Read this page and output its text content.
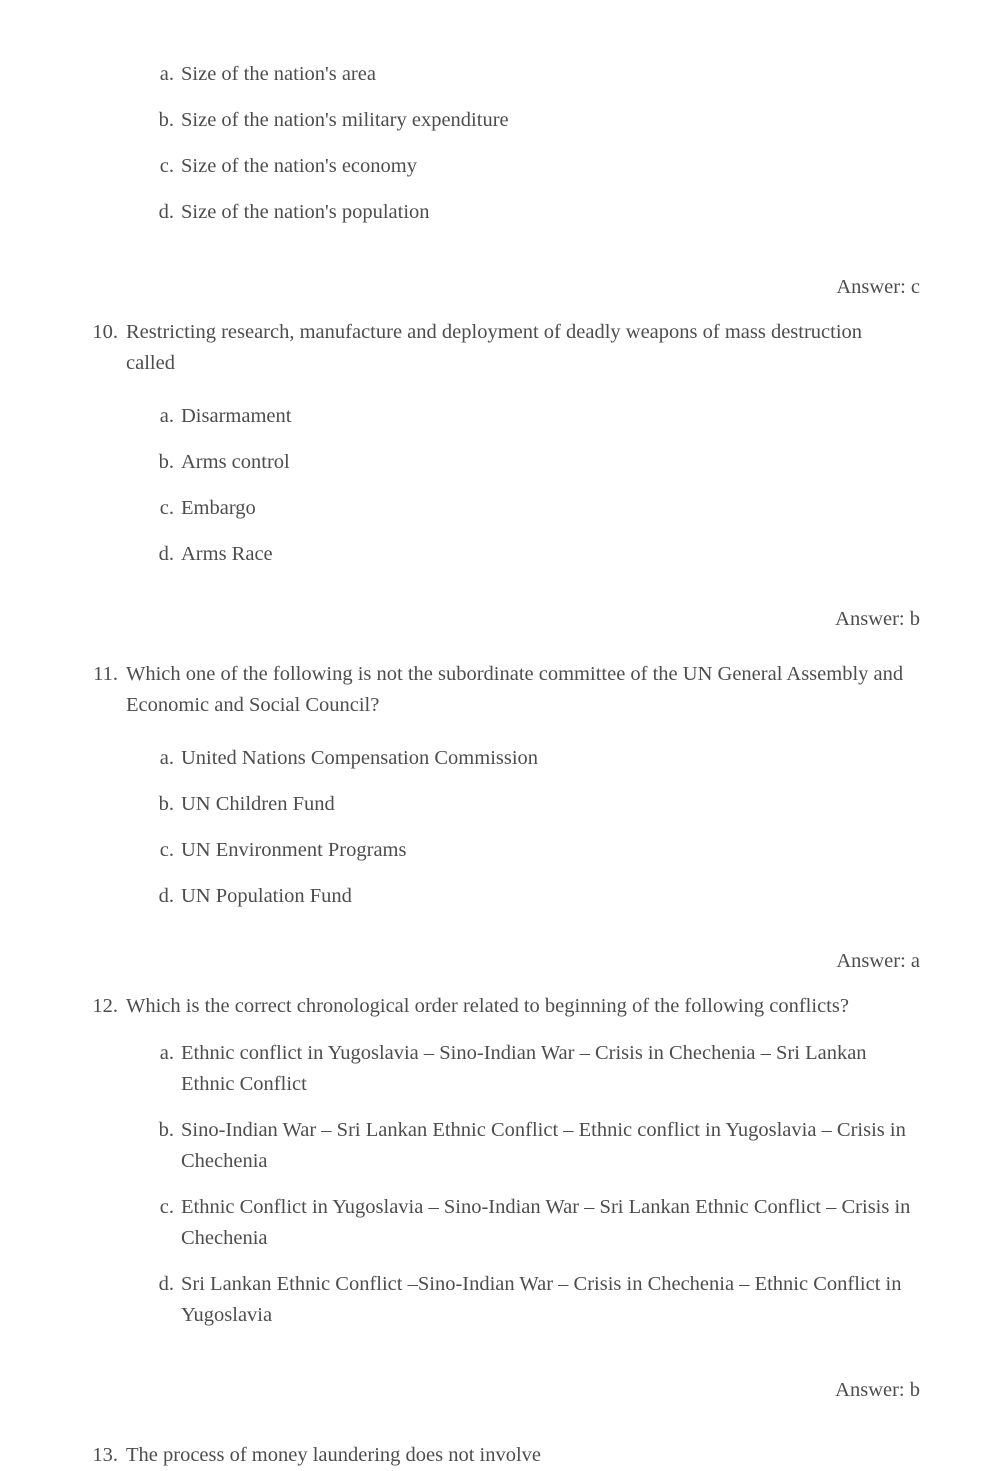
a. Size of the nation's area
b. Size of the nation's military expenditure
c. Size of the nation's economy
d. Size of the nation's population
Answer: c
10. Restricting research, manufacture and deployment of deadly weapons of mass destruction called
a. Disarmament
b. Arms control
c. Embargo
d. Arms Race
Answer: b
11. Which one of the following is not the subordinate committee of the UN General Assembly and Economic and Social Council?
a. United Nations Compensation Commission
b. UN Children Fund
c. UN Environment Programs
d. UN Population Fund
Answer: a
12. Which is the correct chronological order related to beginning of the following conflicts?
a. Ethnic conflict in Yugoslavia – Sino-Indian War – Crisis in Chechenia – Sri Lankan Ethnic Conflict
b. Sino-Indian War – Sri Lankan Ethnic Conflict – Ethnic conflict in Yugoslavia – Crisis in Chechenia
c. Ethnic Conflict in Yugoslavia – Sino-Indian War – Sri Lankan Ethnic Conflict – Crisis in Chechenia
d. Sri Lankan Ethnic Conflict –Sino-Indian War – Crisis in Chechenia – Ethnic Conflict in Yugoslavia
Answer: b
13. The process of money laundering does not involve
